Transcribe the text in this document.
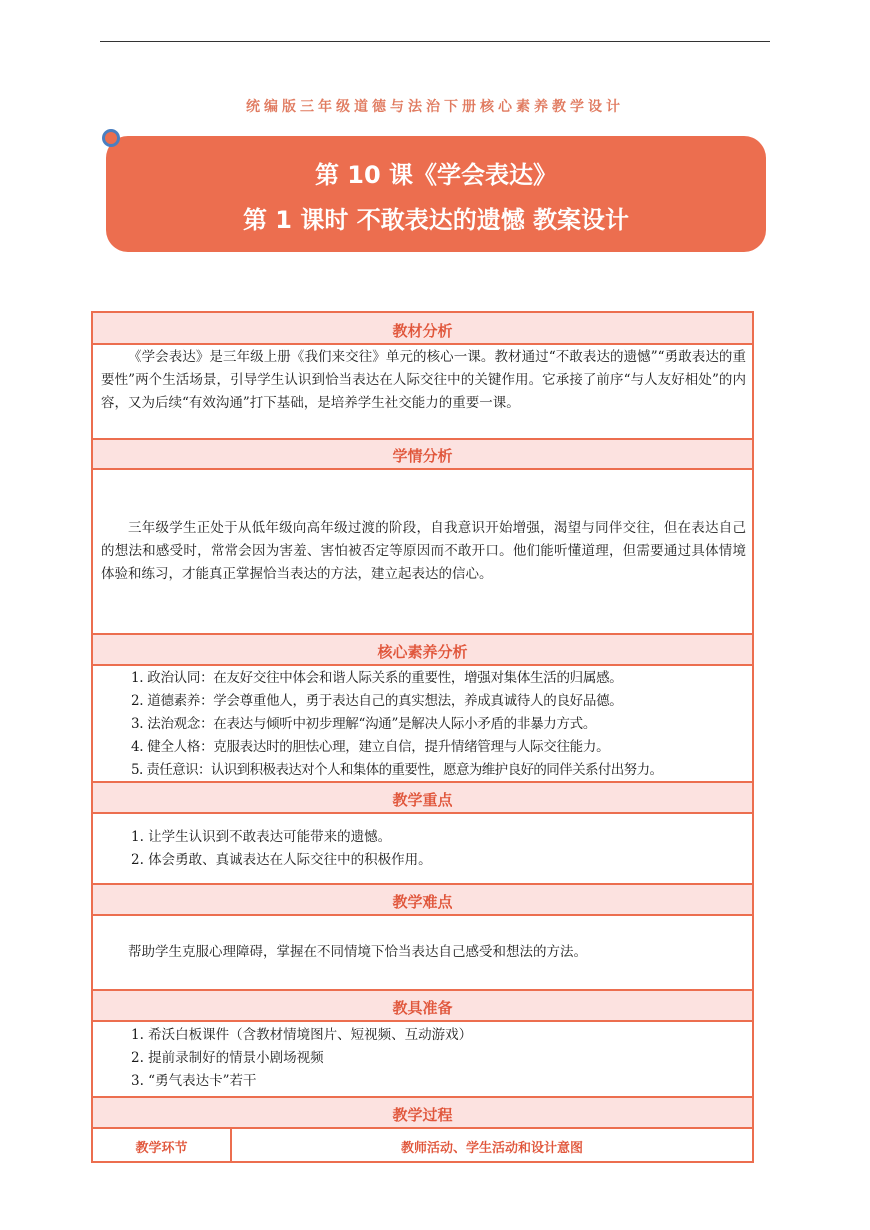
统编版三年级道德与法治下册核心素养教学设计
第 10 课《学会表达》
第 1 课时 不敢表达的遗憾 教案设计
教材分析
《学会表达》是三年级上册《我们来交往》单元的核心一课。教材通过“不敢表达的遗憾”“勇敢表达的重要性”两个生活场景，引导学生认识到恰当表达在人际交往中的关键作用。它承接了前序“与人友好相处”的内容，又为后续“有效沟通”打下基础，是培养学生社交能力的重要一课。
学情分析
三年级学生正处于从低年级向高年级过渡的阶段，自我意识开始增强，渴望与同伴交往，但在表达自己的想法和感受时，常常会因为害羞、害怕被否定等原因而不敢开口。他们能听懂道理，但需要通过具体情境体验和练习，才能真正掌握恰当表达的方法，建立起表达的信心。
核心素养分析
1. 政治认同：在友好交往中体会和谐人际关系的重要性，增强对集体生活的归属感。
2. 道德素养：学会尊重他人，勇于表达自己的真实想法，养成真诚待人的良好品德。
3. 法治观念：在表达与倾听中初步理解“沟通”是解决人际小矛盾的非暴力方式。
4. 健全人格：克服表达时的胆怯心理，建立自信，提升情绪管理与人际交往能力。
5. 责任意识：认识到积极表达对个人和集体的重要性，愿意为维护良好的同伴关系付出努力。
教学重点
1. 让学生认识到不敢表达可能带来的遗憾。
2. 体会勇敢、真诚表达在人际交往中的积极作用。
教学难点
帮助学生克服心理障碍，掌握在不同情境下恰当表达自己感受和想法的方法。
教具准备
1. 希沃白板课件（含教材情境图片、短视频、互动游戏）
2. 提前录制好的情景小剧场视频
3. “勇气表达卡”若干
教学过程
教学环节	教师活动、学生活动和设计意图
